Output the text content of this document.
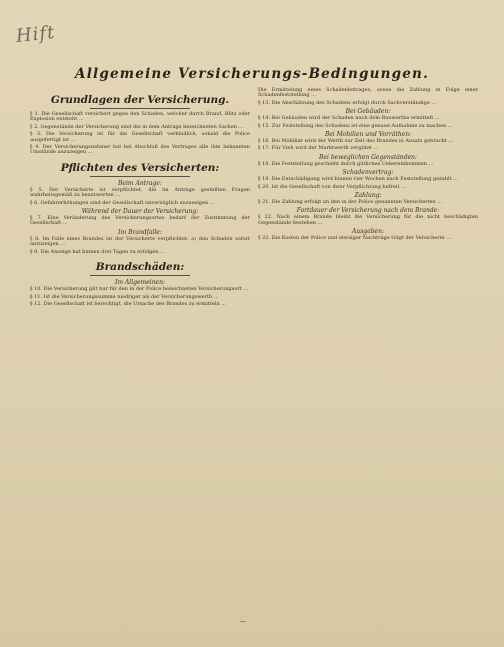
Hift
Allgemeine Versicherungs-Bedingungen.
Grundlagen der Versicherung.
§ 1. Die Gesellschaft versichert gegen den Schaden, welcher durch Brand, Blitz oder Explosion entsteht ...
§ 2. Gegenstände der Versicherung sind die in dem Antrage bezeichneten Sachen ...
§ 3. Die Versicherung ist für die Gesellschaft verbindlich, sobald die Police ausgefertigt ist ...
§ 4. Der Versicherungsnehmer hat bei Abschluß des Vertrages alle ihm bekannten Umstände anzuzeigen ...
Pflichten des Versicherten:
Beim Antrage:
§ 5. Der Versicherte ist verpflichtet, die im Antrage gestellten Fragen wahrheitsgemäß zu beantworten ...
§ 6. Gefahrerhöhungen sind der Gesellschaft unverzüglich anzuzeigen ...
Während der Dauer der Versicherung:
§ 7. Eine Veränderung des Versicherungsortes bedarf der Zustimmung der Gesellschaft ...
Im Brandfalle:
§ 8. Im Falle eines Brandes ist der Versicherte verpflichtet: a) den Schaden sofort anzuzeigen ...
§ 9. Die Anzeige hat binnen drei Tagen zu erfolgen ...
Brandschäden:
Im Allgemeinen:
§ 10. Die Versicherung gilt nur für den in der Police bezeichneten Versicherungsort ...
§ 11. Ist die Versicherungssumme niedriger als der Versicherungswerth ...
§ 12. Die Gesellschaft ist berechtigt, die Ursache des Brandes zu ermitteln ...
Die Ermittelung eines Schadenbetrages, sowie die Zahlung in Folge einer Schadenfeststellung ...
§ 13. Die Abschätzung des Schadens erfolgt durch Sachverständige ...
Bei Gebäuden:
§ 14. Bei Gebäuden wird der Schaden nach dem Bauwerthe ermittelt ...
§ 15. Zur Feststellung des Schadens ist eine genaue Aufnahme zu machen ...
Bei Mobilien und Vorräthen:
§ 16. Bei Mobiliar wird der Werth zur Zeit des Brandes in Ansatz gebracht ...
§ 17. Für Vieh wird der Marktwerth vergütet ...
Bei beweglichen Gegenständen:
§ 18. Die Feststellung geschieht durch gütliches Uebereinkommen ...
Schadenvertrag:
§ 19. Die Entschädigung wird binnen vier Wochen nach Feststellung gezahlt ...
§ 20. Ist die Gesellschaft von ihrer Verpflichtung befreit ...
Zahlung:
§ 21. Die Zahlung erfolgt an den in der Police genannten Versicherten ...
Fortdauer der Versicherung nach dem Brande:
§ 22. Nach einem Brande bleibt die Versicherung für die nicht beschädigten Gegenstände bestehen ...
Ausgaben:
§ 23. Die Kosten der Police und etwaiger Nachträge trägt der Versicherte ...
—
